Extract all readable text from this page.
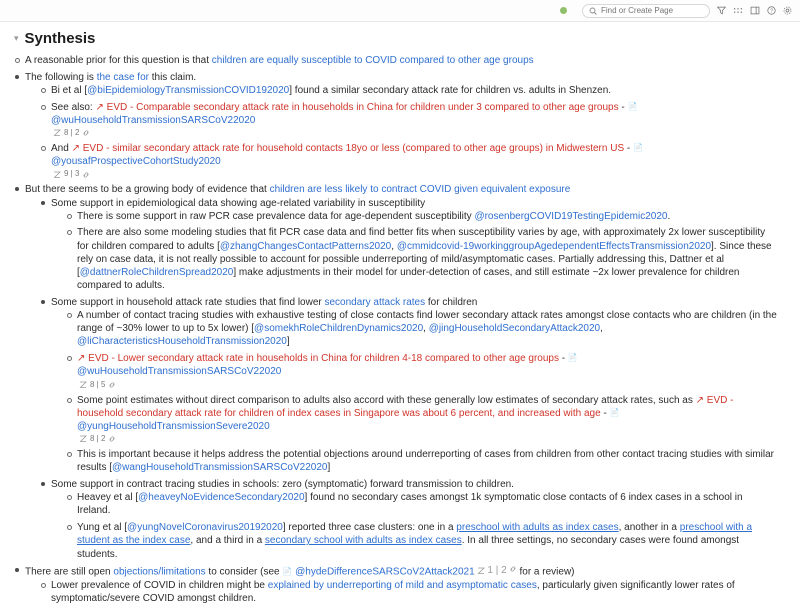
Find or Create Page
?
▾ Synthesis
A reasonable prior for this question is that children are equally susceptible to COVID compared to other age groups
The following is the case for this claim.
Bi et al [@biEpidemiologyTransmissionCOVID192020] found a similar secondary attack rate for children vs. adults in Shenzen.
See also: ↗ EVD - Comparable secondary attack rate in households in China for children under 3 compared to other age groups - 📄
@wuHouseholdTransmissionSARSCoV22020
8 | 2
And ↗ EVD - similar secondary attack rate for household contacts 18yo or less (compared to other age groups) in Midwestern US - 📄
@yousafProspectiveCohortStudy2020
9 | 3
But there seems to be a growing body of evidence that children are less likely to contract COVID given equivalent exposure
Some support in epidemiological data showing age-related variability in susceptibility
There is some support in raw PCR case prevalence data for age-dependent susceptibility @rosenbergCOVID19TestingEpidemic2020.
There are also some modeling studies that fit PCR case data and find better fits when susceptibility varies by age, with approximately 2x lower susceptibility for children compared to adults [@zhangChangesContactPatterns2020, @cmmidcovid-19workinggroupAgedependentEffectsTransmission2020]. Since these rely on case data, it is not really possible to account for possible underreporting of mild/asymptomatic cases. Partially addressing this, Dattner et al [@dattnerRoleChildrenSpread2020] make adjustments in their model for under-detection of cases, and still estimate ~2x lower prevalence for children compared to adults.
Some support in household attack rate studies that find lower secondary attack rates for children
A number of contact tracing studies with exhaustive testing of close contacts find lower secondary attack rates amongst close contacts who are children (in the range of ~30% lower to up to 5x lower) [@somekhRoleChildrenDynamics2020, @jingHouseholdSecondaryAttack2020, @liCharacteristicsHouseholdTransmission2020]
↗ EVD - Lower secondary attack rate in households in China for children 4-18 compared to other age groups - 📄 @wuHouseholdTransmissionSARSCoV22020
8 | 5
Some point estimates without direct comparison to adults also accord with these generally low estimates of secondary attack rates, such as ↗ EVD - household secondary attack rate for children of index cases in Singapore was about 6 percent, and increased with age - 📄 @yungHouseholdTransmissionSevere2020
8 | 2
This is important because it helps address the potential objections around underreporting of cases from children from other contact tracing studies with similar results [@wangHouseholdTransmissionSARSCoV22020]
Some support in contract tracing studies in schools: zero (symptomatic) forward transmission to children.
Heavey et al [@heaveyNoEvidenceSecondary2020] found no secondary cases amongst 1k symptomatic close contacts of 6 index cases in a school in Ireland.
Yung et al [@yungNovelCoronavirus20192020] reported three case clusters: one in a preschool with adults as index cases, another in a preschool with a student as the index case, and a third in a secondary school with adults as index cases. In all three settings, no secondary cases were found amongst students.
There are still open objections/limitations to consider (see 📄 @hydeDifferenceSARSCoV2Attack2021 1 | 2 for a review)
Lower prevalence of COVID in children might be explained by underreporting of mild and asymptomatic cases, particularly given significantly lower rates of symptomatic/severe COVID amongst children.
